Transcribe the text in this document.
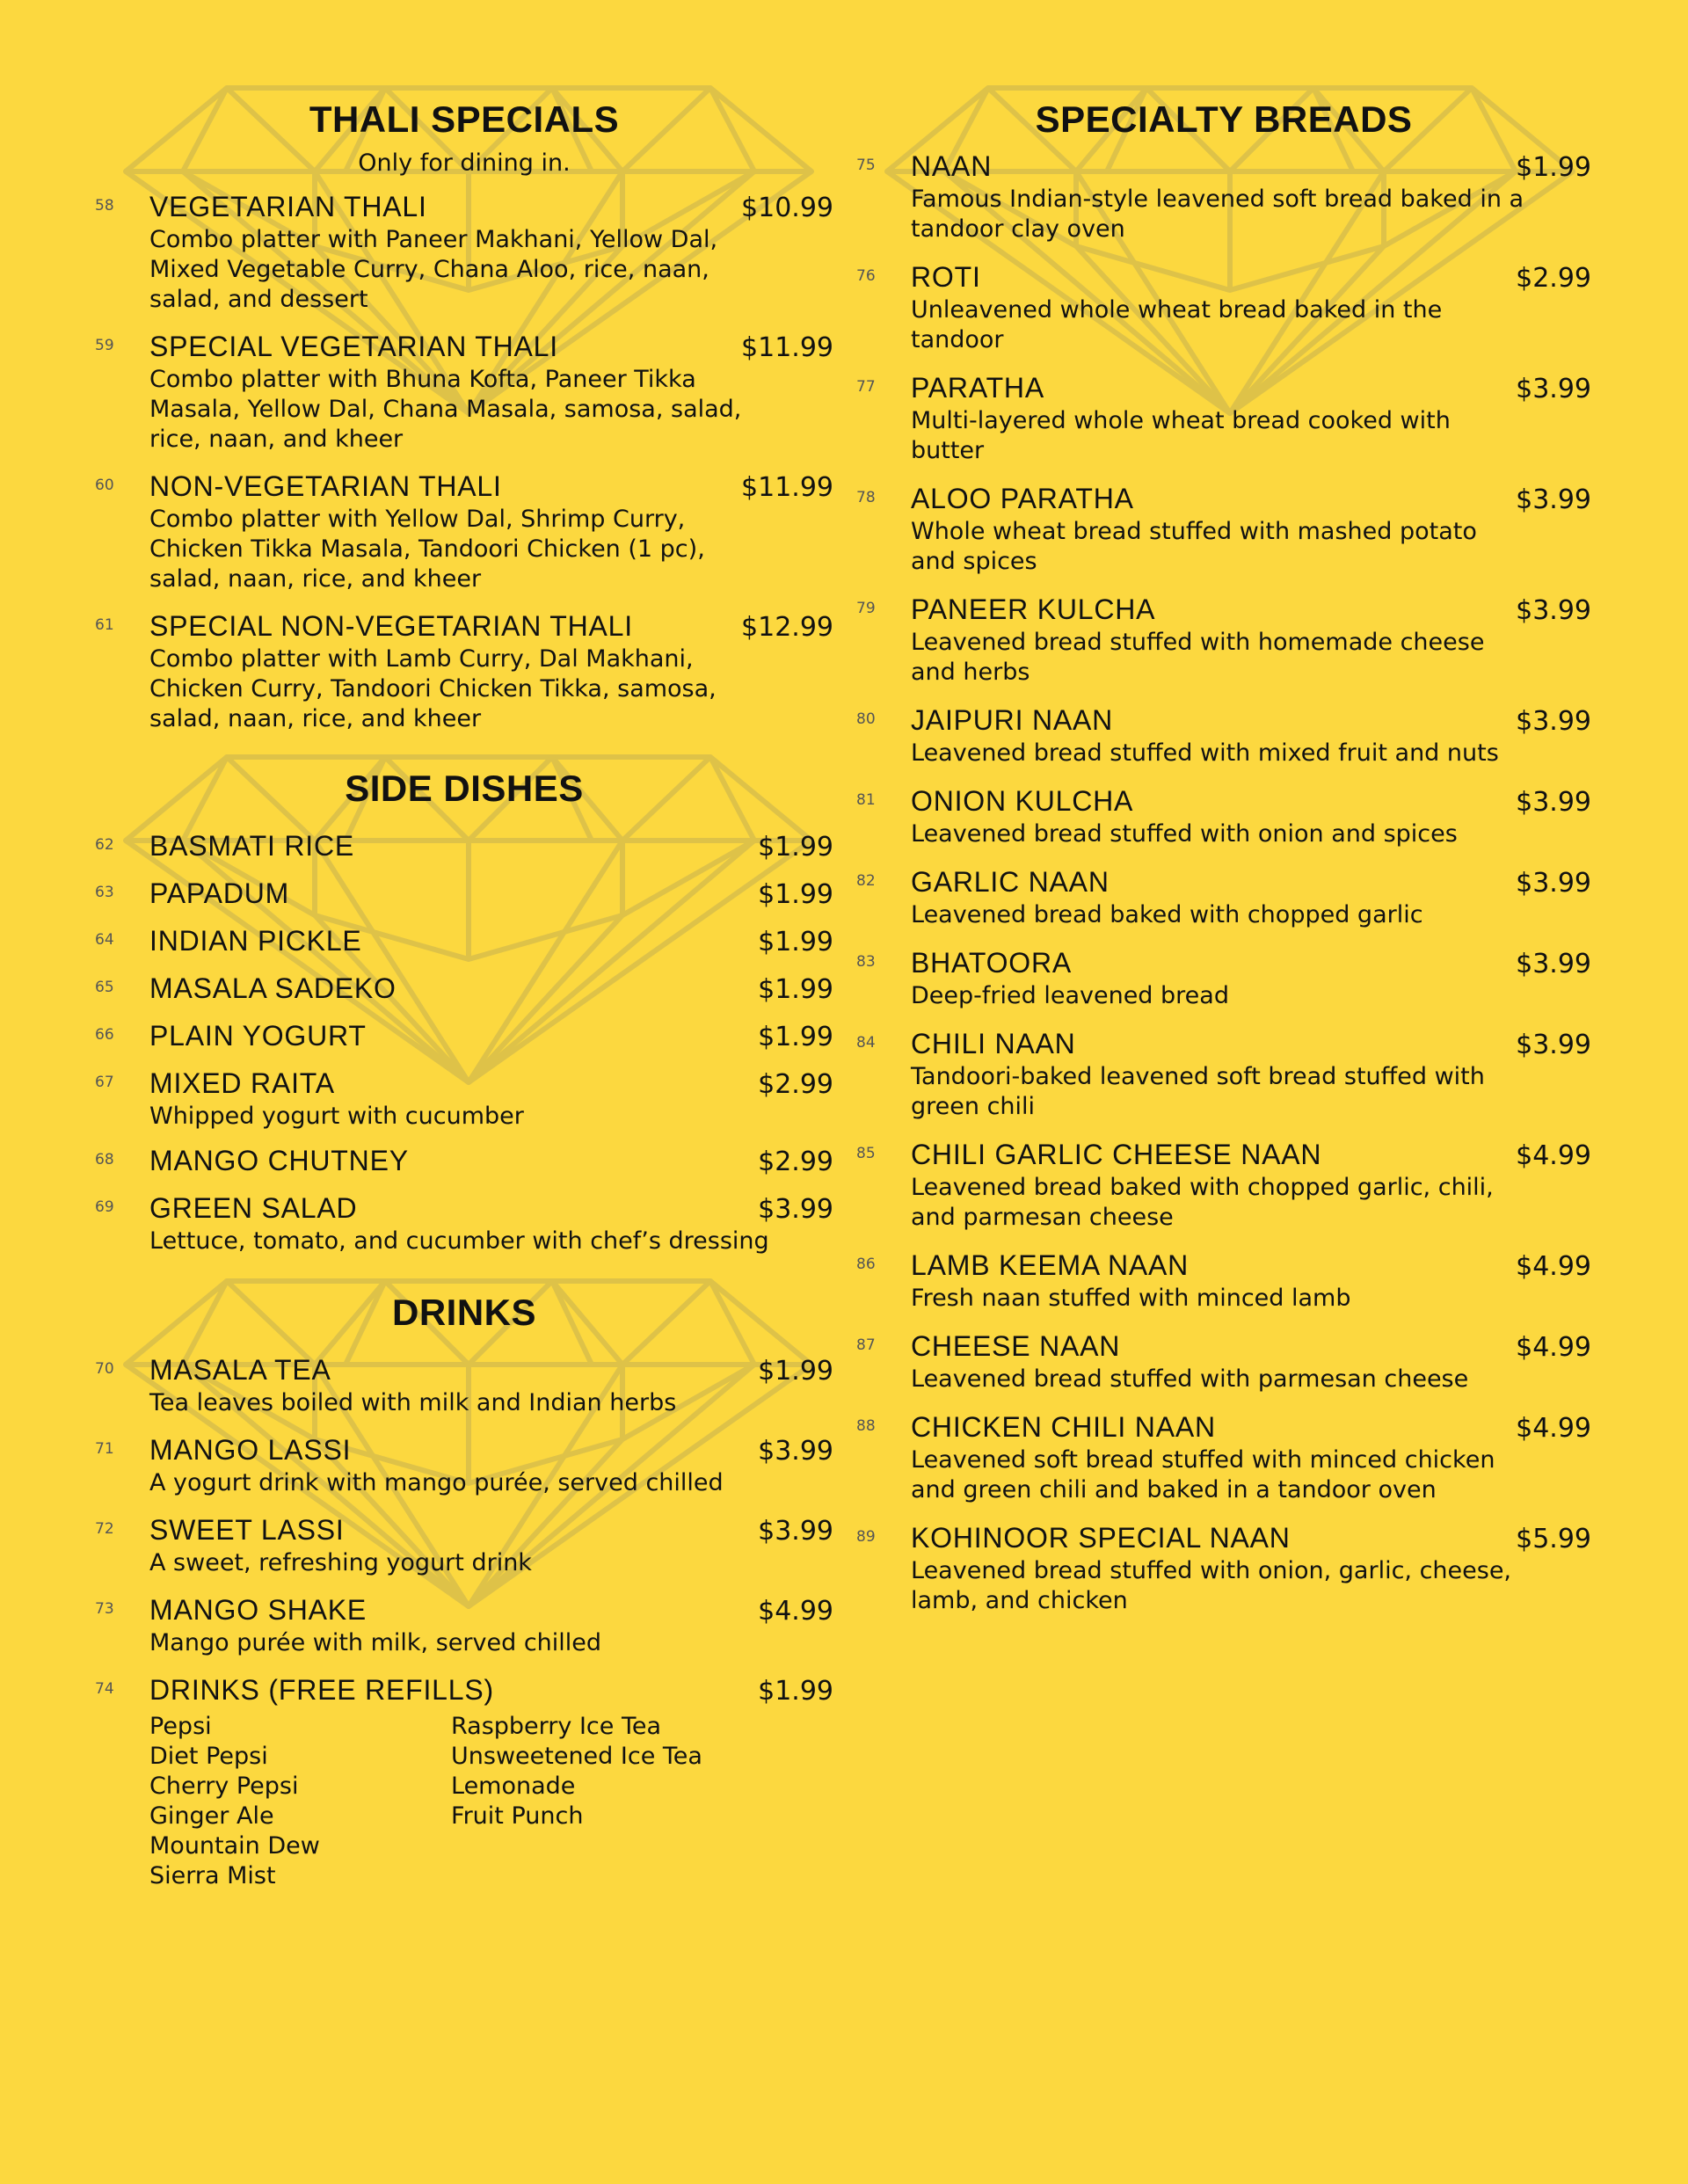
THALI SPECIALS
Only for dining in.
58	VEGETARIAN THALI	$10.99
Combo platter with Paneer Makhani, Yellow Dal, Mixed Vegetable Curry, Chana Aloo, rice, naan, salad, and dessert
59	SPECIAL VEGETARIAN THALI	$11.99
Combo platter with Bhuna Kofta, Paneer Tikka Masala, Yellow Dal, Chana Masala, samosa, salad, rice, naan, and kheer
60	NON-VEGETARIAN THALI	$11.99
Combo platter with Yellow Dal, Shrimp Curry, Chicken Tikka Masala, Tandoori Chicken (1 pc), salad, naan, rice, and kheer
61	SPECIAL NON-VEGETARIAN THALI	$12.99
Combo platter with Lamb Curry, Dal Makhani, Chicken Curry, Tandoori Chicken Tikka, samosa, salad, naan, rice, and kheer
SIDE DISHES
62	BASMATI RICE	$1.99
63	PAPADUM	$1.99
64	INDIAN PICKLE	$1.99
65	MASALA SADEKO	$1.99
66	PLAIN YOGURT	$1.99
67	MIXED RAITA	$2.99
Whipped yogurt with cucumber
68	MANGO CHUTNEY	$2.99
69	GREEN SALAD	$3.99
Lettuce, tomato, and cucumber with chef’s dressing
DRINKS
70	MASALA TEA	$1.99
Tea leaves boiled with milk and Indian herbs
71	MANGO LASSI	$3.99
A yogurt drink with mango purée, served chilled
72	SWEET LASSI	$3.99
A sweet, refreshing yogurt drink
73	MANGO SHAKE	$4.99
Mango purée with milk, served chilled
74	DRINKS (FREE REFILLS)	$1.99
Pepsi
Diet Pepsi
Cherry Pepsi
Ginger Ale
Mountain Dew
Sierra Mist
Raspberry Ice Tea
Unsweetened Ice Tea
Lemonade
Fruit Punch
SPECIALTY BREADS
75	NAAN	$1.99
Famous Indian-style leavened soft bread baked in a tandoor clay oven
76	ROTI	$2.99
Unleavened whole wheat bread baked in the tandoor
77	PARATHA	$3.99
Multi-layered whole wheat bread cooked with butter
78	ALOO PARATHA	$3.99
Whole wheat bread stuffed with mashed potato and spices
79	PANEER KULCHA	$3.99
Leavened bread stuffed with homemade cheese and herbs
80	JAIPURI NAAN	$3.99
Leavened bread stuffed with mixed fruit and nuts
81	ONION KULCHA	$3.99
Leavened bread stuffed with onion and spices
82	GARLIC NAAN	$3.99
Leavened bread baked with chopped garlic
83	BHATOORA	$3.99
Deep-fried leavened bread
84	CHILI NAAN	$3.99
Tandoori-baked leavened soft bread stuffed with green chili
85	CHILI GARLIC CHEESE NAAN	$4.99
Leavened bread baked with chopped garlic, chili, and parmesan cheese
86	LAMB KEEMA NAAN	$4.99
Fresh naan stuffed with minced lamb
87	CHEESE NAAN	$4.99
Leavened bread stuffed with parmesan cheese
88	CHICKEN CHILI NAAN	$4.99
Leavened soft bread stuffed with minced chicken and green chili and baked in a tandoor oven
89	KOHINOOR SPECIAL NAAN	$5.99
Leavened bread stuffed with onion, garlic, cheese, lamb, and chicken
